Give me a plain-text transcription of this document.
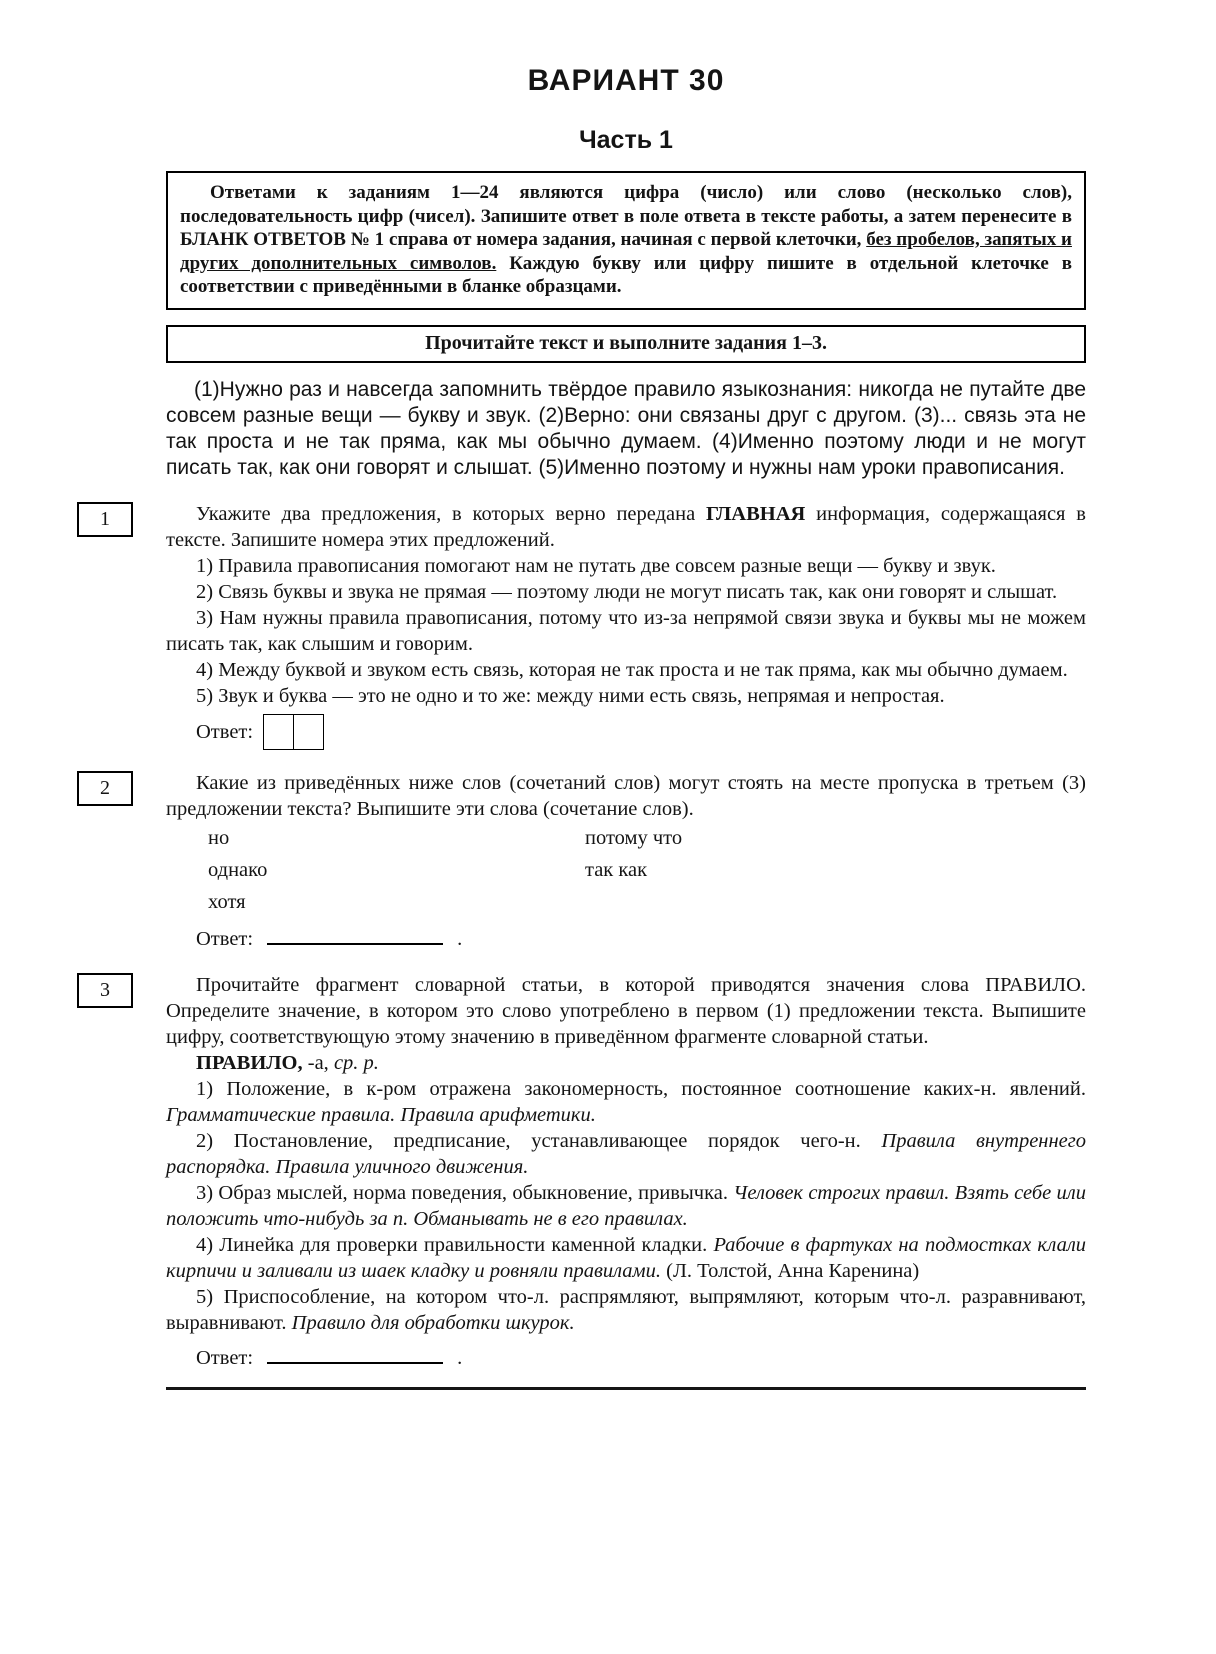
ВАРИАНТ 30
Часть 1

Ответами к заданиям 1—24 являются цифра (число) или слово (несколько слов), последовательность цифр (чисел). Запишите ответ в поле ответа в тексте работы, а затем перенесите в БЛАНК ОТВЕТОВ № 1 справа от номера задания, начиная с первой клеточки, без пробелов, запятых и других дополнительных символов. Каждую букву или цифру пишите в отдельной клеточке в соответствии с приведёнными в бланке образцами.

Прочитайте текст и выполните задания 1–3.

(1)Нужно раз и навсегда запомнить твёрдое правило языкознания: никогда не путайте две совсем разные вещи — букву и звук. (2)Верно: они связаны друг с другом. (3)... связь эта не так проста и не так пряма, как мы обычно думаем. (4)Именно поэтому люди и не могут писать так, как они говорят и слышат. (5)Именно поэтому и нужны нам уроки правописания.

1	Укажите два предложения, в которых верно передана ГЛАВНАЯ информация, содержащаяся в тексте. Запишите номера этих предложений.

1) Правила правописания помогают нам не путать две совсем разные вещи — букву и звук.

2) Связь буквы и звука не прямая — поэтому люди не могут писать так, как они говорят и слышат.

3) Нам нужны правила правописания, потому что из-за непрямой связи звука и буквы мы не можем писать так, как слышим и говорим.

4) Между буквой и звуком есть связь, которая не так проста и не так пряма, как мы обычно думаем.

5) Звук и буква — это не одно и то же: между ними есть связь, непрямая и непростая.

Ответ:
2	Какие из приведённых ниже слов (сочетаний слов) могут стоять на месте пропуска в третьем (3) предложении текста? Выпишите эти слова (сочетание слов).

но	потому что
однако	так как
хотя
Ответ:	.
3	Прочитайте фрагмент словарной статьи, в которой приводятся значения слова ПРАВИЛО. Определите значение, в котором это слово употреблено в первом (1) предложении текста. Выпишите цифру, соответствующую этому значению в приведённом фрагменте словарной статьи.

ПРАВИЛО, -а, ср. р.

1) Положение, в к-ром отражена закономерность, постоянное соотношение каких-н. явлений. Грамматические правила. Правила арифметики.

2) Постановление, предписание, устанавливающее порядок чего-н. Правила внутреннего распорядка. Правила уличного движения.

3) Образ мыслей, норма поведения, обыкновение, привычка. Человек строгих правил. Взять себе или положить что-нибудь за п. Обманывать не в его правилах.

4) Линейка для проверки правильности каменной кладки. Рабочие в фартуках на подмостках клали кирпичи и заливали из шаек кладку и ровняли правилами. (Л. Толстой, Анна Каренина)

5) Приспособление, на котором что-л. распрямляют, выпрямляют, которым что-л. разравнивают, выравнивают. Правило для обработки шкурок.

Ответ:	.
